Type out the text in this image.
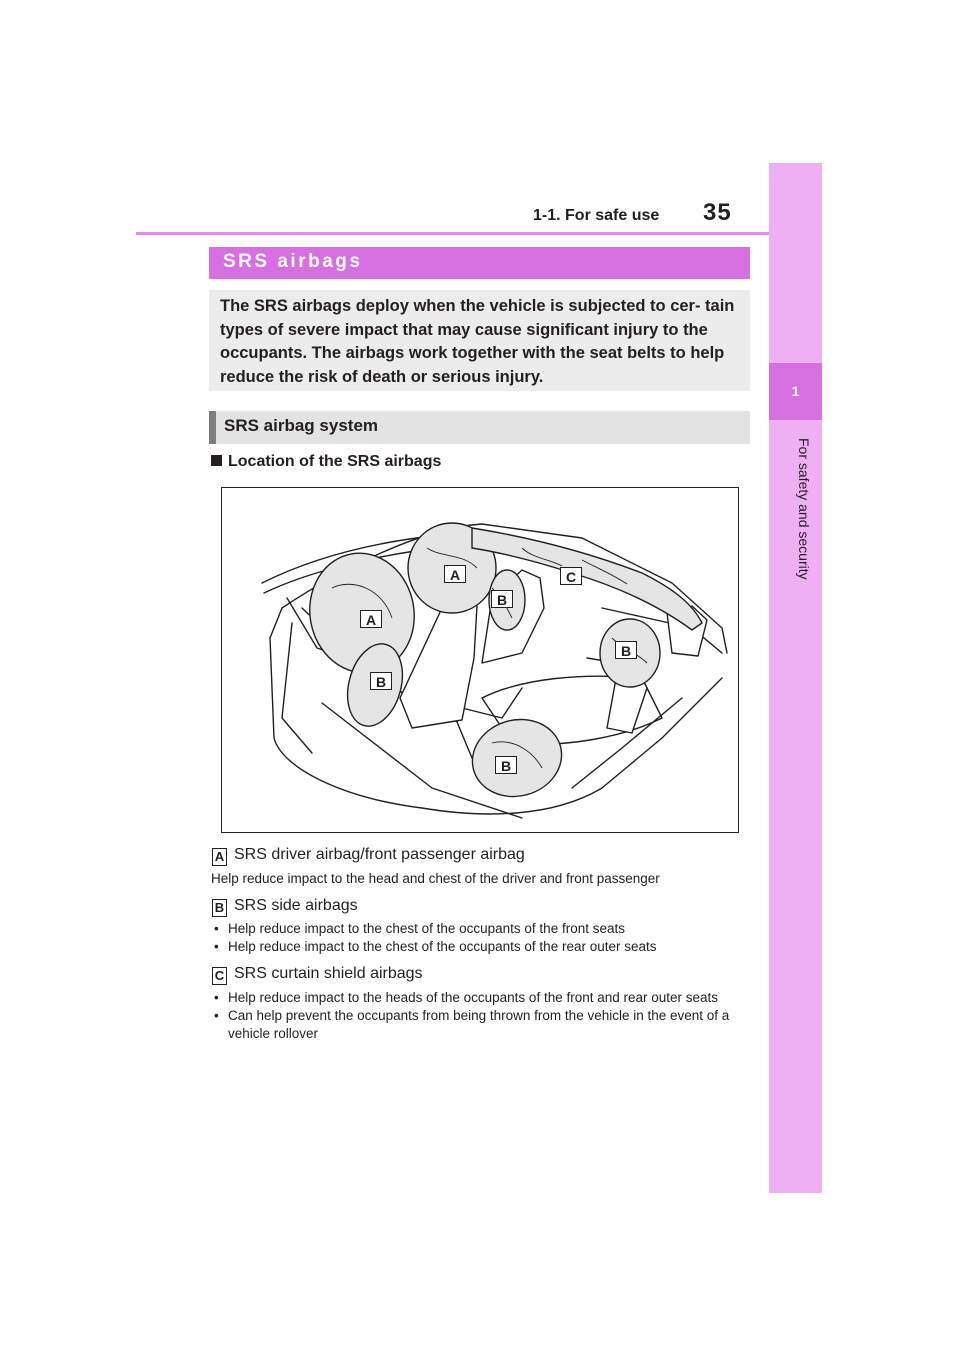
1-1. For safe use 35
1
For safety and security
SRS airbags

The SRS airbags deploy when the vehicle is subjected to cer- tain types of severe impact that may cause significant injury to the occupants. The airbags work together with the seat belts to help reduce the risk of death or serious injury.

SRS airbag system
Location of the SRS airbags
A
A
B
B
B
B
C
A SRS driver airbag/front passenger airbag
Help reduce impact to the head and chest of the driver and front passenger
B SRS side airbags
• Help reduce impact to the chest of the occupants of the front seats
• Help reduce impact to the chest of the occupants of the rear outer seats
C SRS curtain shield airbags
• Help reduce impact to the heads of the occupants of the front and rear outer seats
• Can help prevent the occupants from being thrown from the vehicle in the event of a vehicle rollover
